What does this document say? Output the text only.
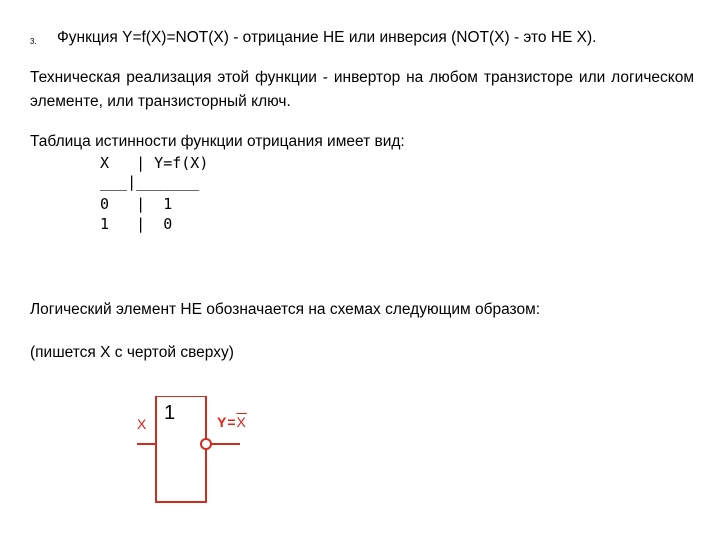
3. Функция Y=f(X)=NOT(X) - отрицание НЕ или инверсия (NOT(X) - это НЕ X).
Техническая реализация этой функции - инвертор на любом транзисторе или логическом элементе, или транзисторный ключ.
Таблица истинности функции отрицания имеет вид:
X   | Y=f(X)
___|_______
0   |  1
1   |  0
Логический элемент НЕ обозначается на схемах следующим образом:
(пишется X с чертой сверху)
1
X	$Y=\overline{X}$
